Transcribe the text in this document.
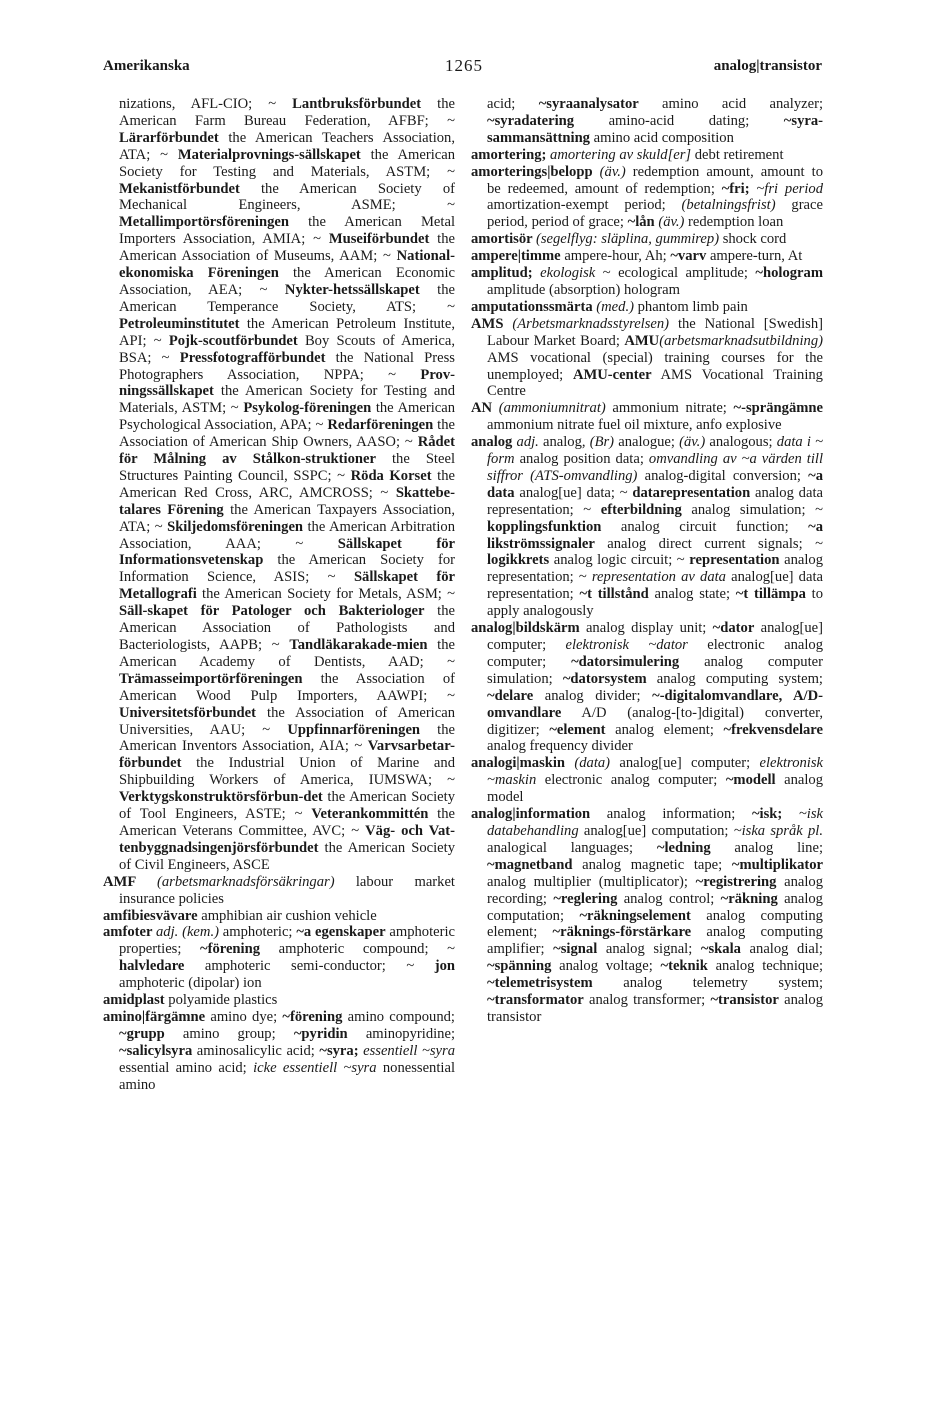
Amerikanska	1265	analog|transistor

nizations, AFL-CIO; ~ Lantbruksförbundet the American Farm Bureau Federation, AFBF; ~ Lärarförbundet the American Teachers Association, ATA; ~ Materialprovnings-sällskapet the American Society for Testing and Materials, ASTM; ~ Mekanistförbundet the American Society of Mechanical Engineers, ASME; ~ Metallimportörsföreningen the American Metal Importers Association, AMIA; ~ Museiförbundet the American Association of Museums, AAM; ~ National-ekonomiska Föreningen the American Economic Association, AEA; ~ Nykter-hetssällskapet the American Temperance Society, ATS; ~ Petroleuminstitutet the American Petroleum Institute, API; ~ Pojk-scoutförbundet Boy Scouts of America, BSA; ~ Pressfotografförbundet the National Press Photographers Association, NPPA; ~ Prov-ningssällskapet the American Society for Testing and Materials, ASTM; ~ Psykolog-föreningen the American Psychological Association, APA; ~ Redarföreningen the Association of American Ship Owners, AASO; ~ Rådet för Målning av Stålkon-struktioner the Steel Structures Painting Council, SSPC; ~ Röda Korset the American Red Cross, ARC, AMCROSS; ~ Skattebe-talares Förening the American Taxpayers Association, ATA; ~ Skiljedomsföreningen the American Arbitration Association, AAA; ~ Sällskapet för Informationsvetenskap the American Society for Information Science, ASIS; ~ Sällskapet för Metallografi the American Society for Metals, ASM; ~ Säll-skapet för Patologer och Bakteriologer the American Association of Pathologists and Bacteriologists, AAPB; ~ Tandläkarakade-mien the American Academy of Dentists, AAD; ~ Trämasseimportörföreningen the Association of American Wood Pulp Importers, AAWPI; ~ Universitetsförbundet the Association of American Universities, AAU; ~ Uppfinnarföreningen the American Inventors Association, AIA; ~ Varvsarbetar-förbundet the Industrial Union of Marine and Shipbuilding Workers of America, IUMSWA; ~ Verktygskonstruktörsförbun-det the American Society of Tool Engineers, ASTE; ~ Veterankommittén the American Veterans Committee, AVC; ~ Väg- och Vat-tenbyggnadsingenjörsförbundet the American Society of Civil Engineers, ASCE

AMF (arbetsmarknadsförsäkringar) labour market insurance policies

amfibiesvävare amphibian air cushion vehicle

amfoter adj. (kem.) amphoteric; ~a egenskaper amphoteric properties; ~förening amphoteric compound; ~ halvledare amphoteric semi-conductor; ~ jon amphoteric (dipolar) ion

amidplast polyamide plastics

amino|färgämne amino dye; ~förening amino compound; ~grupp amino group; ~pyridin aminopyridine; ~salicylsyra aminosalicylic acid; ~syra; essentiell ~syra essential amino acid; icke essentiell ~syra nonessential amino

acid; ~syraanalysator amino acid analyzer; ~syradatering amino-acid dating; ~syra-sammansättning amino acid composition

amortering; amortering av skuld[er] debt retirement

amorterings|belopp (äv.) redemption amount, amount to be redeemed, amount of redemption; ~fri; ~fri period amortization-exempt period; (betalningsfrist) grace period, period of grace; ~lån (äv.) redemption loan

amortisör (segelflyg: släplina, gummirep) shock cord

ampere|timme ampere-hour, Ah; ~varv ampere-turn, At

amplitud; ekologisk ~ ecological amplitude; ~hologram amplitude (absorption) hologram

amputationssmärta (med.) phantom limb pain

AMS (Arbetsmarknadsstyrelsen) the National [Swedish] Labour Market Board; AMU(arbetsmarknadsutbildning) AMS vocational (special) training courses for the unemployed; AMU-center AMS Vocational Training Centre

AN (ammoniumnitrat) ammonium nitrate; ~-sprängämne ammonium nitrate fuel oil mixture, anfo explosive

analog adj. analog, (Br) analogue; (äv.) analogous; data i ~ form analog position data; omvandling av ~a värden till siffror (ATS-omvandling) analog-digital conversion; ~a data analog[ue] data; ~ datarepresentation analog data representation; ~ efterbildning analog simulation; ~ kopplingsfunktion analog circuit function; ~a likströmssignaler analog direct current signals; ~ logikkrets analog logic circuit; ~ representation analog representation; ~ representation av data analog[ue] data representation; ~t tillstånd analog state; ~t tillämpa to apply analogously

analog|bildskärm analog display unit; ~dator analog[ue] computer; elektronisk ~dator electronic analog computer; ~datorsimulering analog computer simulation; ~datorsystem analog computing system; ~delare analog divider; ~-digitalomvandlare, A/D-omvandlare A/D (analog-[to-]digital) converter, digitizer; ~element analog element; ~frekvensdelare analog frequency divider

analogi|maskin (data) analog[ue] computer; elektronisk ~maskin electronic analog computer; ~modell analog model

analog|information analog information; ~isk; ~isk databehandling analog[ue] computation; ~iska språk pl. analogical languages; ~ledning analog line; ~magnetband analog magnetic tape; ~multiplikator analog multiplier (multiplicator); ~registrering analog recording; ~reglering analog control; ~räkning analog computation; ~räkningselement analog computing element; ~räknings-förstärkare analog computing amplifier; ~signal analog signal; ~skala analog dial; ~spänning analog voltage; ~teknik analog technique; ~telemetrisystem analog telemetry system; ~transformator analog transformer; ~transistor analog transistor
